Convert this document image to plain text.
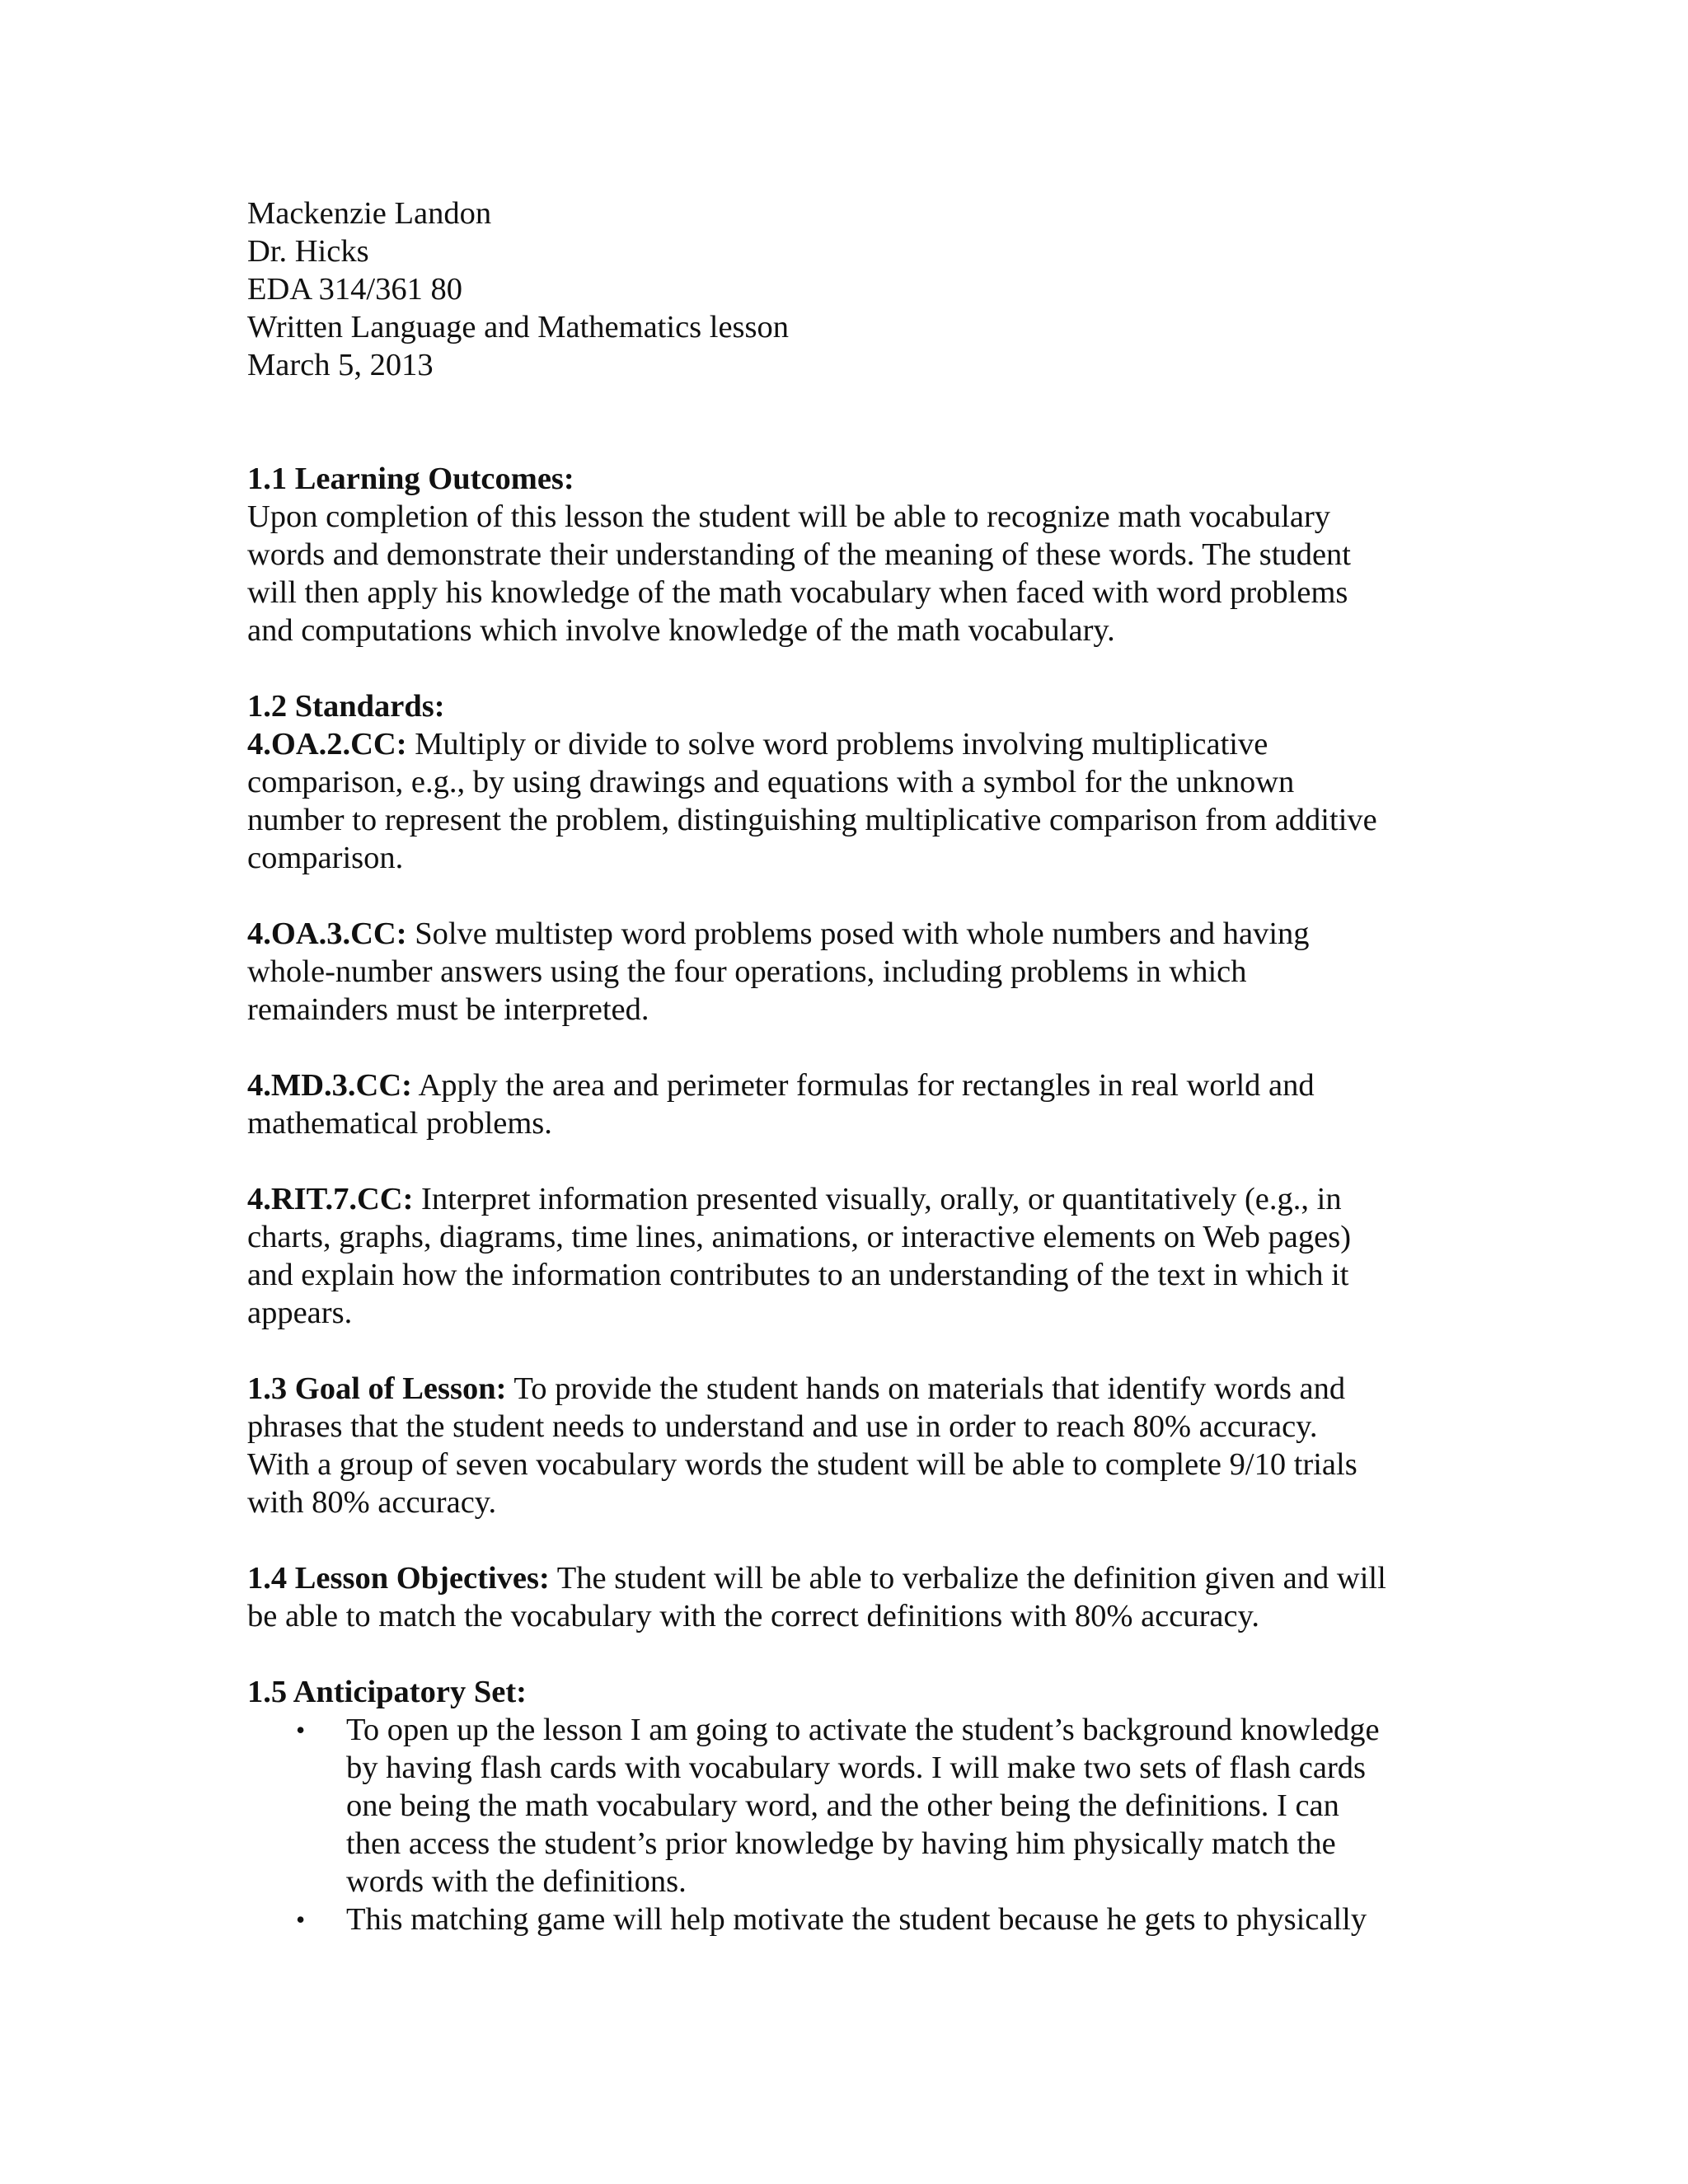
Mackenzie Landon
Dr. Hicks
EDA 314/361 80
Written Language and Mathematics lesson
March 5, 2013
1.1 Learning Outcomes:
Upon completion of this lesson the student will be able to recognize math vocabulary
words and demonstrate their understanding of the meaning of these words. The student
will then apply his knowledge of the math vocabulary when faced with word problems
and computations which involve knowledge of the math vocabulary.
1.2 Standards:
4.OA.2.CC: Multiply or divide to solve word problems involving multiplicative
comparison, e.g., by using drawings and equations with a symbol for the unknown
number to represent the problem, distinguishing multiplicative comparison from additive
comparison.
4.OA.3.CC: Solve multistep word problems posed with whole numbers and having
whole-number answers using the four operations, including problems in which
remainders must be interpreted.
4.MD.3.CC: Apply the area and perimeter formulas for rectangles in real world and
mathematical problems.
4.RIT.7.CC: Interpret information presented visually, orally, or quantitatively (e.g., in
charts, graphs, diagrams, time lines, animations, or interactive elements on Web pages)
and explain how the information contributes to an understanding of the text in which it
appears.
1.3 Goal of Lesson: To provide the student hands on materials that identify words and
phrases that the student needs to understand and use in order to reach 80% accuracy.
With a group of seven vocabulary words the student will be able to complete 9/10 trials
with 80% accuracy.
1.4 Lesson Objectives: The student will be able to verbalize the definition given and will
be able to match the vocabulary with the correct definitions with 80% accuracy.
1.5 Anticipatory Set:
• To open up the lesson I am going to activate the student’s background knowledge
by having flash cards with vocabulary words. I will make two sets of flash cards
one being the math vocabulary word, and the other being the definitions. I can
then access the student’s prior knowledge by having him physically match the
words with the definitions.
• This matching game will help motivate the student because he gets to physically
